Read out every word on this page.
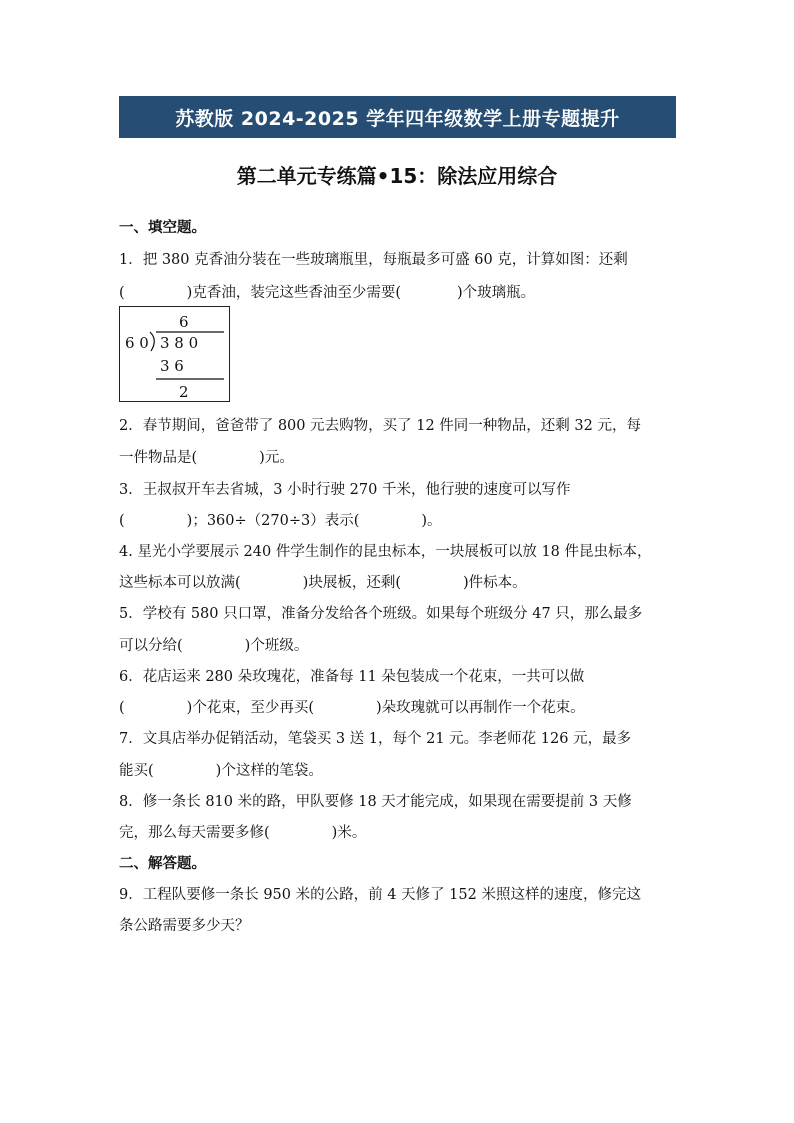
苏教版 2024-2025 学年四年级数学上册专题提升
第二单元专练篇•15：除法应用综合
一、填空题。
1．把 380 克香油分装在一些玻璃瓶里，每瓶最多可盛 60 克，计算如图：还剩
(	)克香油，装完这些香油至少需要(	)个玻璃瓶。
6
6 0 3 8 0
3 6
2
2．春节期间，爸爸带了 800 元去购物，买了 12 件同一种物品，还剩 32 元，每
一件物品是(	)元。
3．王叔叔开车去省城，3 小时行驶 270 千米，他行驶的速度可以写作
(	)；360÷（270÷3）表示(	)。
4. 星光小学要展示 240 件学生制作的昆虫标本，一块展板可以放 18 件昆虫标本，
这些标本可以放满(	)块展板，还剩(	)件标本。
5．学校有 580 只口罩，准备分发给各个班级。如果每个班级分 47 只，那么最多
可以分给(	)个班级。
6．花店运来 280 朵玫瑰花，准备每 11 朵包装成一个花束，一共可以做
(	)个花束，至少再买(	)朵玫瑰就可以再制作一个花束。
7．文具店举办促销活动，笔袋买 3 送 1，每个 21 元。李老师花 126 元，最多
能买(	)个这样的笔袋。
8．修一条长 810 米的路，甲队要修 18 天才能完成，如果现在需要提前 3 天修
完，那么每天需要多修(	)米。
二、解答题。
9．工程队要修一条长 950 米的公路，前 4 天修了 152 米照这样的速度，修完这
条公路需要多少天？
